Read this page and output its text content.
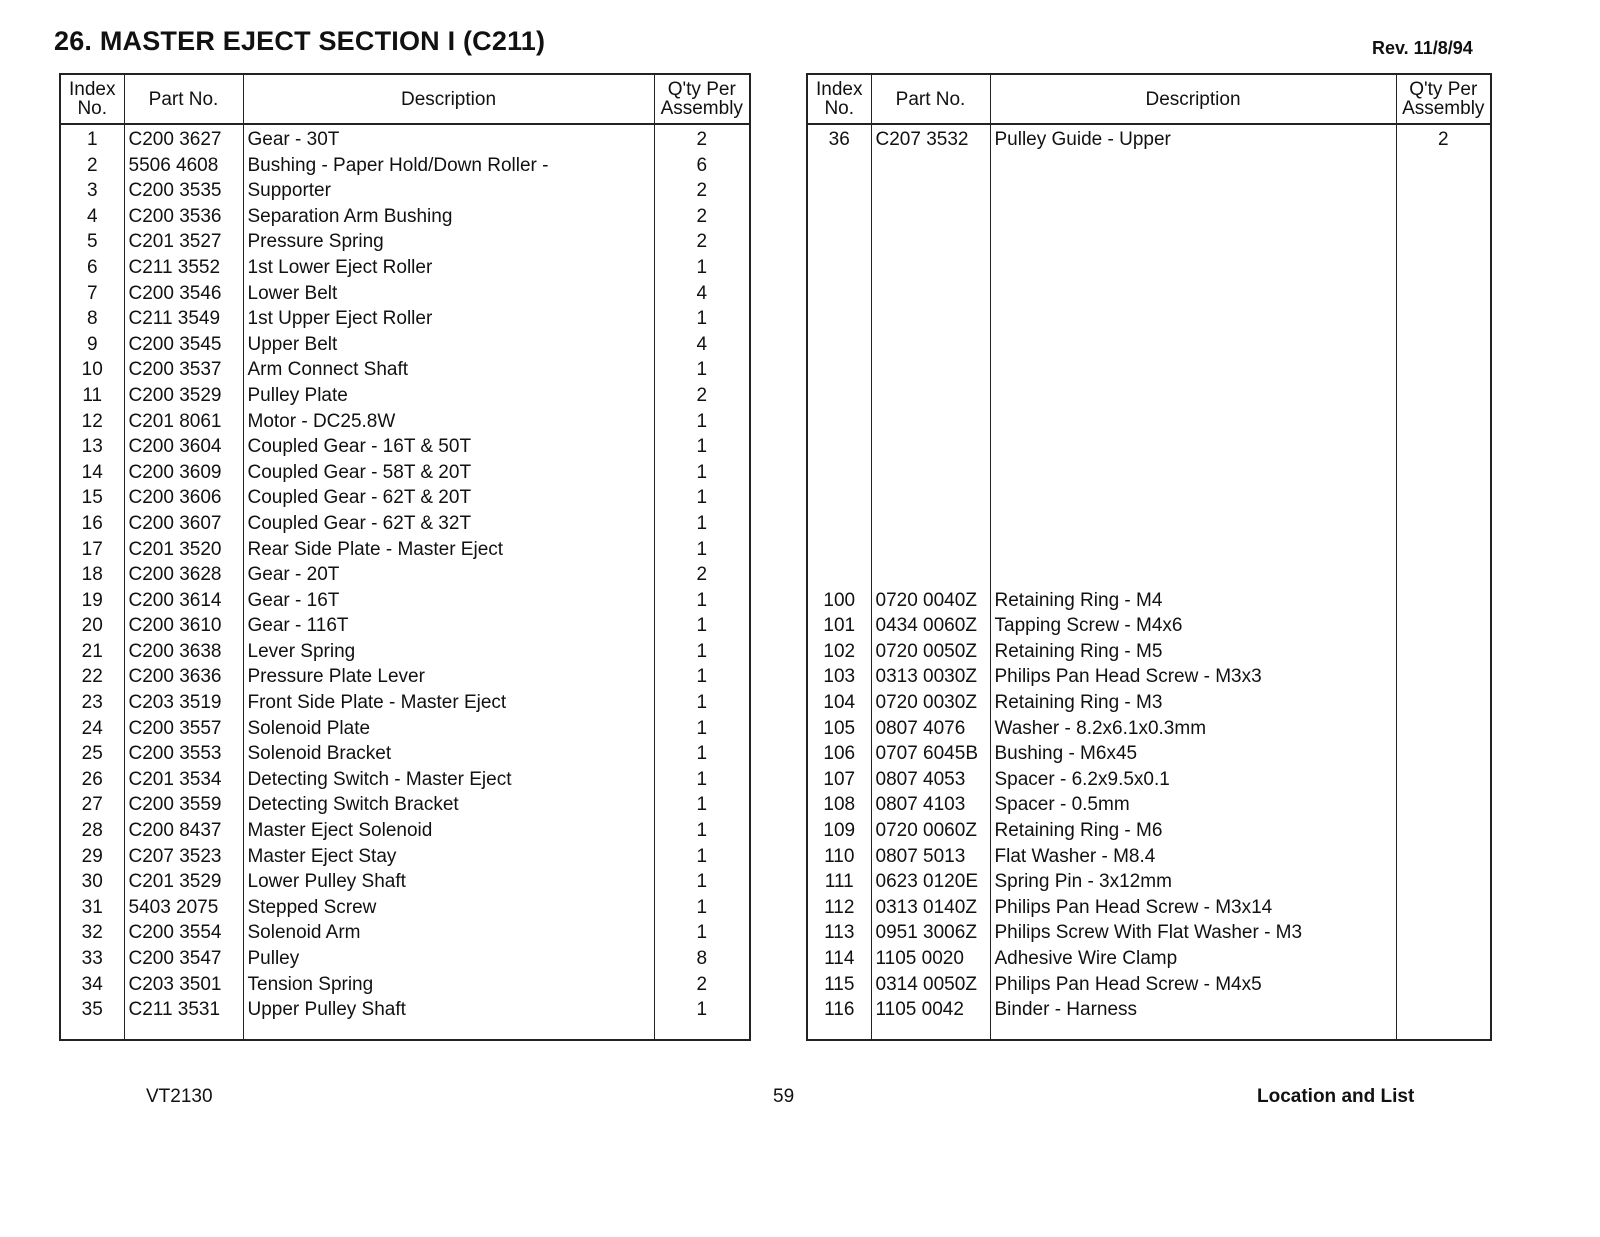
26. MASTER EJECT SECTION I (C211)	Rev. 11/8/94
Index
No.	Part No.	Description	Q'ty Per
Assembly
1	C200 3627	Gear - 30T	2
2	5506 4608	Bushing - Paper Hold/Down Roller -	6
3	C200 3535	Supporter	2
4	C200 3536	Separation Arm Bushing	2
5	C201 3527	Pressure Spring	2
6	C211 3552	1st Lower Eject Roller	1
7	C200 3546	Lower Belt	4
8	C211 3549	1st Upper Eject Roller	1
9	C200 3545	Upper Belt	4
10	C200 3537	Arm Connect Shaft	1
11	C200 3529	Pulley Plate	2
12	C201 8061	Motor - DC25.8W	1
13	C200 3604	Coupled Gear - 16T & 50T	1
14	C200 3609	Coupled Gear - 58T & 20T	1
15	C200 3606	Coupled Gear - 62T & 20T	1
16	C200 3607	Coupled Gear - 62T & 32T	1
17	C201 3520	Rear Side Plate - Master Eject	1
18	C200 3628	Gear - 20T	2
19	C200 3614	Gear - 16T	1
20	C200 3610	Gear - 116T	1
21	C200 3638	Lever Spring	1
22	C200 3636	Pressure Plate Lever	1
23	C203 3519	Front Side Plate - Master Eject	1
24	C200 3557	Solenoid Plate	1
25	C200 3553	Solenoid Bracket	1
26	C201 3534	Detecting Switch - Master Eject	1
27	C200 3559	Detecting Switch Bracket	1
28	C200 8437	Master Eject Solenoid	1
29	C207 3523	Master Eject Stay	1
30	C201 3529	Lower Pulley Shaft	1
31	5403 2075	Stepped Screw	1
32	C200 3554	Solenoid Arm	1
33	C200 3547	Pulley	8
34	C203 3501	Tension Spring	2
35	C211 3531	Upper Pulley Shaft	1

Index
No.	Part No.	Description	Q'ty Per
Assembly
36	C207 3532	Pulley Guide - Upper	2

100	0720 0040Z	Retaining Ring - M4	
101	0434 0060Z	Tapping Screw - M4x6	
102	0720 0050Z	Retaining Ring - M5	
103	0313 0030Z	Philips Pan Head Screw - M3x3	
104	0720 0030Z	Retaining Ring - M3	
105	0807 4076	Washer - 8.2x6.1x0.3mm	
106	0707 6045B	Bushing - M6x45	
107	0807 4053	Spacer - 6.2x9.5x0.1	
108	0807 4103	Spacer - 0.5mm	
109	0720 0060Z	Retaining Ring - M6	
110	0807 5013	Flat Washer - M8.4	
111	0623 0120E	Spring Pin - 3x12mm	
112	0313 0140Z	Philips Pan Head Screw - M3x14	
113	0951 3006Z	Philips Screw With Flat Washer - M3	
114	1105 0020	Adhesive Wire Clamp	
115	0314 0050Z	Philips Pan Head Screw - M4x5	
116	1105 0042	Binder - Harness	

VT2130	59	Location and List
